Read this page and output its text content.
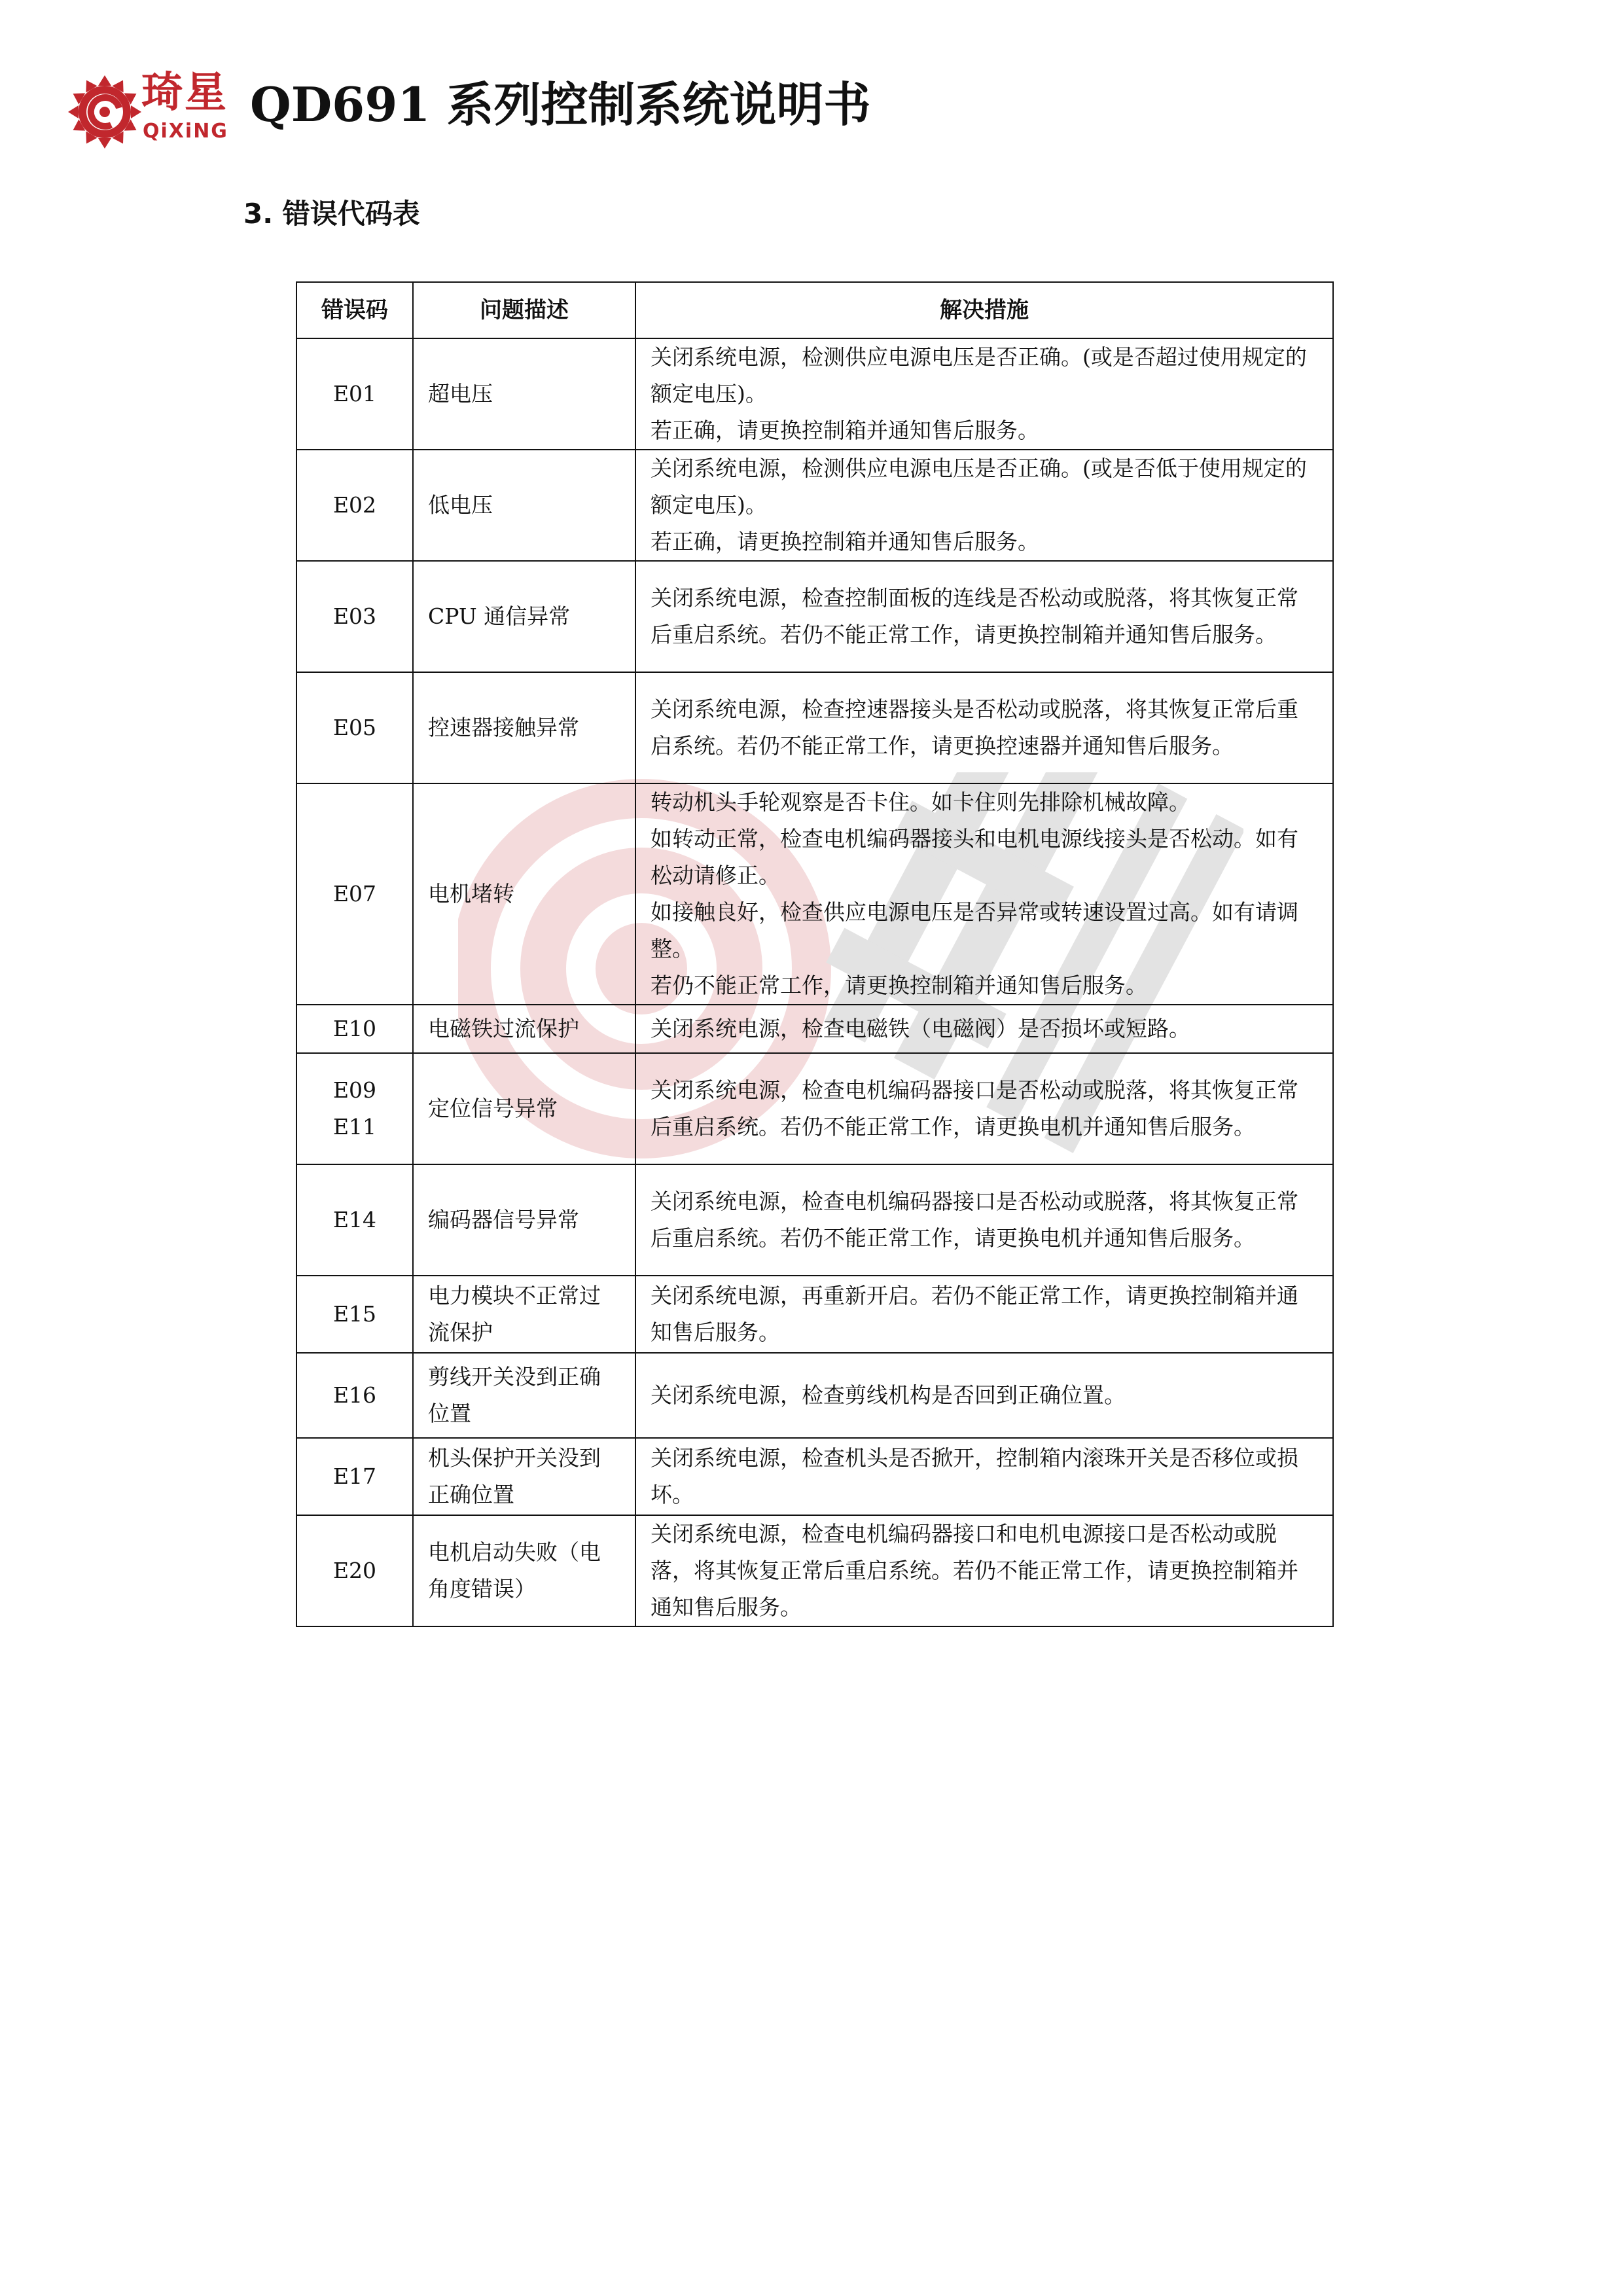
琦星
QiXiNG QD691 系列控制系统说明书
3. 错误代码表
错误码	问题描述	解决措施

E01	超电压	关闭系统电源，检测供应电源电压是否正确。(或是否超过使用规定的额定电压)。
若正确，请更换控制箱并通知售后服务。

E02	低电压	关闭系统电源，检测供应电源电压是否正确。(或是否低于使用规定的额定电压)。
若正确，请更换控制箱并通知售后服务。

E03	CPU 通信异常	关闭系统电源，检查控制面板的连线是否松动或脱落，将其恢复正常后重启系统。若仍不能正常工作，请更换控制箱并通知售后服务。

E05	控速器接触异常	关闭系统电源，检查控速器接头是否松动或脱落，将其恢复正常后重启系统。若仍不能正常工作，请更换控速器并通知售后服务。

E07	电机堵转	转动机头手轮观察是否卡住。如卡住则先排除机械故障。
如转动正常，检查电机编码器接头和电机电源线接头是否松动。如有松动请修正。
如接触良好，检查供应电源电压是否异常或转速设置过高。如有请调整。
若仍不能正常工作，请更换控制箱并通知售后服务。

E10	电磁铁过流保护	关闭系统电源，检查电磁铁（电磁阀）是否损坏或短路。

E09
E11	定位信号异常	关闭系统电源，检查电机编码器接口是否松动或脱落，将其恢复正常后重启系统。若仍不能正常工作，请更换电机并通知售后服务。

E14	编码器信号异常	关闭系统电源，检查电机编码器接口是否松动或脱落，将其恢复正常后重启系统。若仍不能正常工作，请更换电机并通知售后服务。

E15	电力模块不正常过流保护	关闭系统电源，再重新开启。若仍不能正常工作，请更换控制箱并通知售后服务。

E16	剪线开关没到正确位置	关闭系统电源，检查剪线机构是否回到正确位置。

E17	机头保护开关没到正确位置	关闭系统电源，检查机头是否掀开，控制箱内滚珠开关是否移位或损坏。

E20	电机启动失败（电角度错误）	关闭系统电源，检查电机编码器接口和电机电源接口是否松动或脱落，将其恢复正常后重启系统。若仍不能正常工作，请更换控制箱并通知售后服务。
